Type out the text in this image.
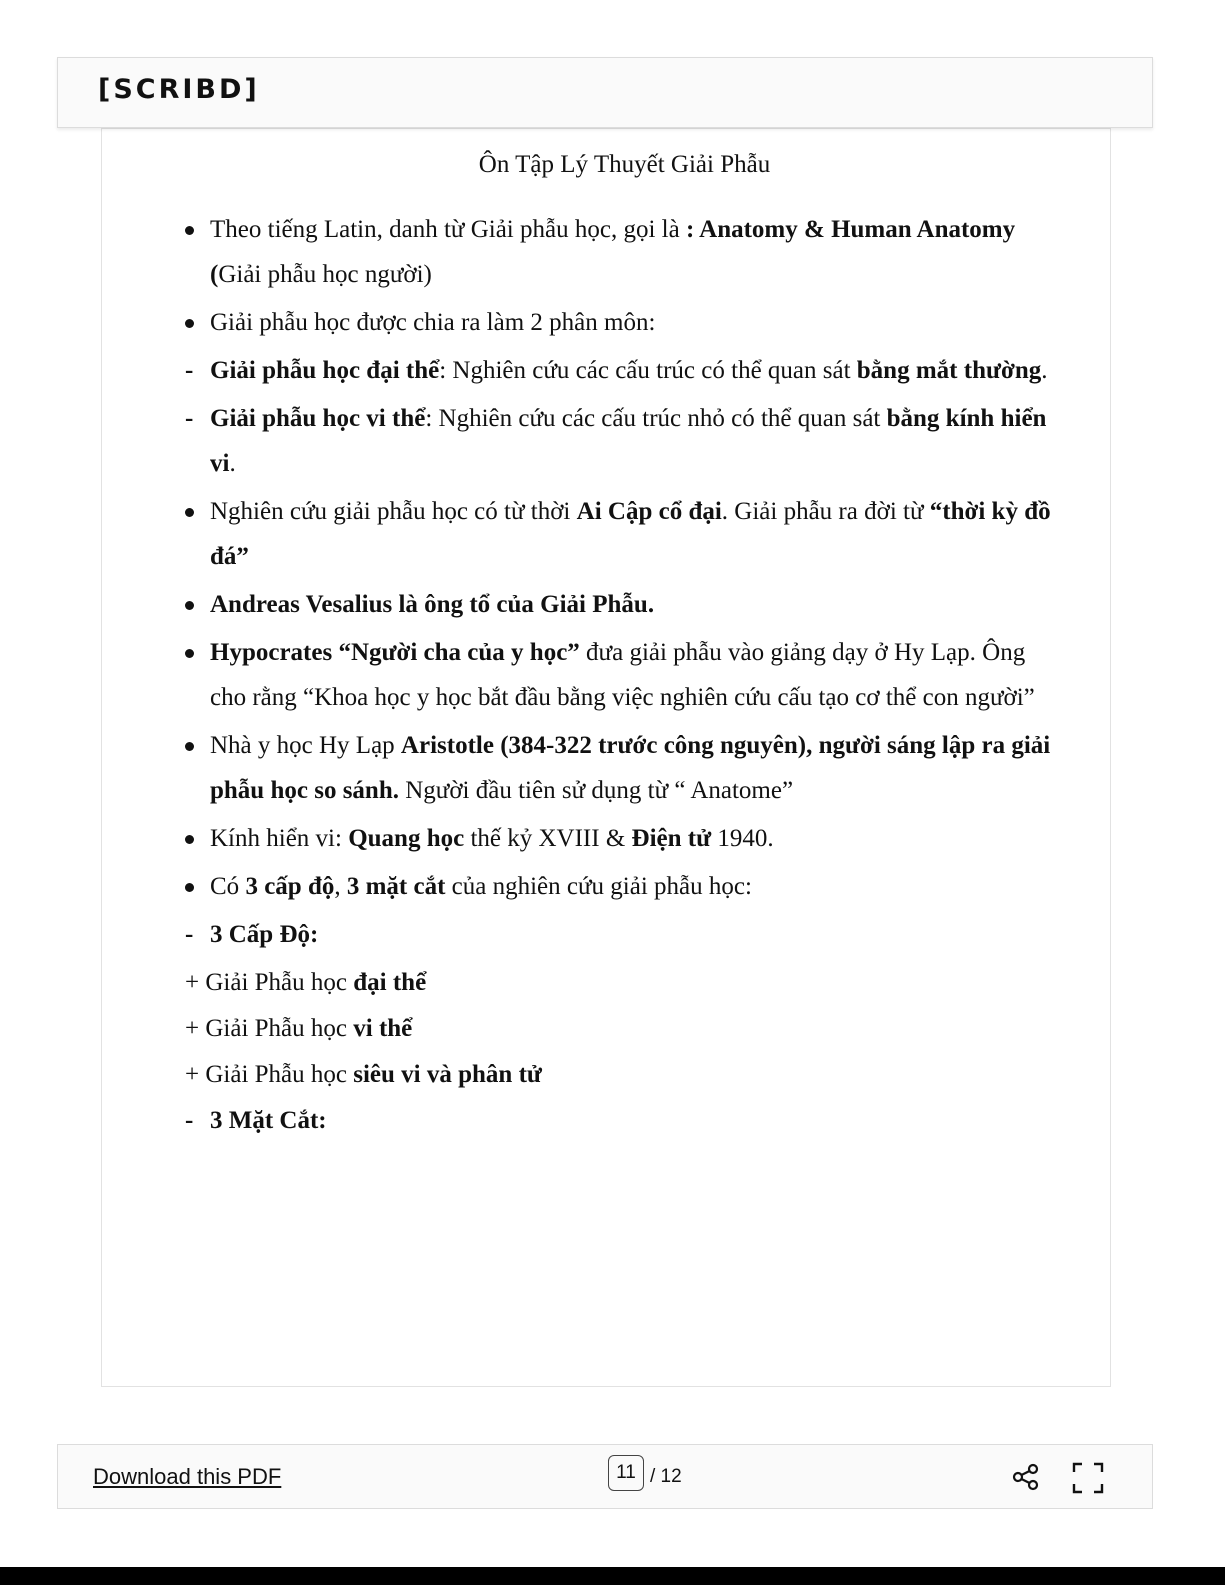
[SCRIBD]
Ôn Tập Lý Thuyết Giải Phẫu
Theo tiếng Latin, danh từ Giải phẫu học, gọi là : Anatomy & Human Anatomy (Giải phẫu học người)
Giải phẫu học được chia ra làm 2 phân môn:
- Giải phẫu học đại thể: Nghiên cứu các cấu trúc có thể quan sát bằng mắt thường.
- Giải phẫu học vi thể: Nghiên cứu các cấu trúc nhỏ có thể quan sát bằng kính hiển vi.
Nghiên cứu giải phẫu học có từ thời Ai Cập cổ đại. Giải phẫu ra đời từ “thời kỳ đồ đá”
Andreas Vesalius là ông tổ của Giải Phẫu.
Hypocrates “Người cha của y học” đưa giải phẫu vào giảng dạy ở Hy Lạp. Ông cho rằng “Khoa học y học bắt đầu bằng việc nghiên cứu cấu tạo cơ thể con người”
Nhà y học Hy Lạp Aristotle (384-322 trước công nguyên), người sáng lập ra giải phẫu học so sánh. Người đầu tiên sử dụng từ “ Anatome”
Kính hiển vi: Quang học thế kỷ XVIII & Điện tử 1940.
Có 3 cấp độ, 3 mặt cắt của nghiên cứu giải phẫu học:
- 3 Cấp Độ:
+ Giải Phẫu học đại thể
+ Giải Phẫu học vi thể
+ Giải Phẫu học siêu vi và phân tử
- 3 Mặt Cắt:
Download this PDF	11 / 12
